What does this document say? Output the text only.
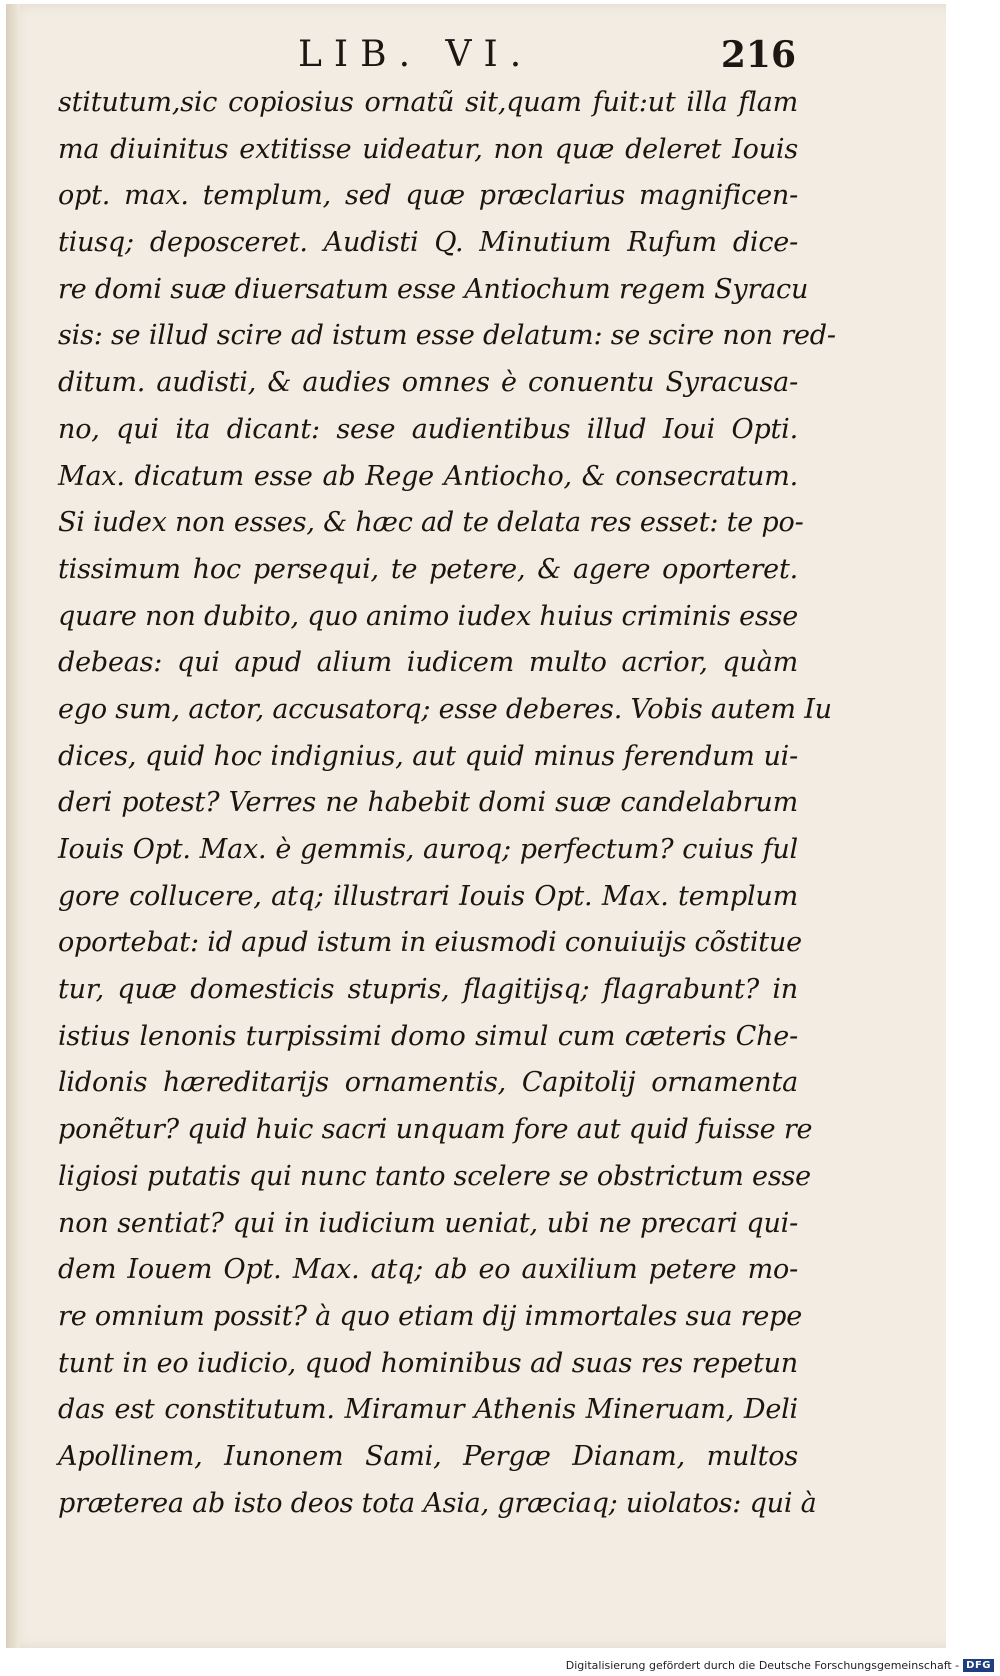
LIB. VI.	216
stitutum,sic copiosius ornatũ sit,quam fuit:ut illa flam
ma diuinitus extitisse uideatur, non quæ deleret Iouis
opt. max. templum, sed quæ præclarius magnificen-
tiusq; deposceret. Audisti Q. Minutium Rufum dice-
re domi suæ diuersatum esse Antiochum regem Syracu
sis: se illud scire ad istum esse delatum: se scire non red-
ditum. audisti, & audies omnes è conuentu Syracusa-
no, qui ita dicant: sese audientibus illud Ioui Opti.
Max. dicatum esse ab Rege Antiocho, & consecratum.
Si iudex non esses, & hæc ad te delata res esset: te po-
tissimum hoc persequi, te petere, & agere oporteret.
quare non dubito, quo animo iudex huius criminis esse
debeas: qui apud alium iudicem multo acrior, quàm
ego sum, actor, accusatorq; esse deberes. Vobis autem Iu
dices, quid hoc indignius, aut quid minus ferendum ui-
deri potest? Verres ne habebit domi suæ candelabrum
Iouis Opt. Max. è gemmis, auroq; perfectum? cuius ful
gore collucere, atq; illustrari Iouis Opt. Max. templum
oportebat: id apud istum in eiusmodi conuiuijs cõstitue
tur, quæ domesticis stupris, flagitijsq; flagrabunt? in
istius lenonis turpissimi domo simul cum cæteris Che-
lidonis hæreditarijs ornamentis, Capitolij ornamenta
ponẽtur? quid huic sacri unquam fore aut quid fuisse re
ligiosi putatis qui nunc tanto scelere se obstrictum esse
non sentiat? qui in iudicium ueniat, ubi ne precari qui-
dem Iouem Opt. Max. atq; ab eo auxilium petere mo-
re omnium possit? à quo etiam dij immortales sua repe
tunt in eo iudicio, quod hominibus ad suas res repetun
das est constitutum. Miramur Athenis Mineruam, Deli
Apollinem, Iunonem Sami, Pergæ Dianam, multos
præterea ab isto deos tota Asia, græciaq; uiolatos: qui à
Digitalisierung gefördert durch die Deutsche Forschungsgemeinschaft - DFG
